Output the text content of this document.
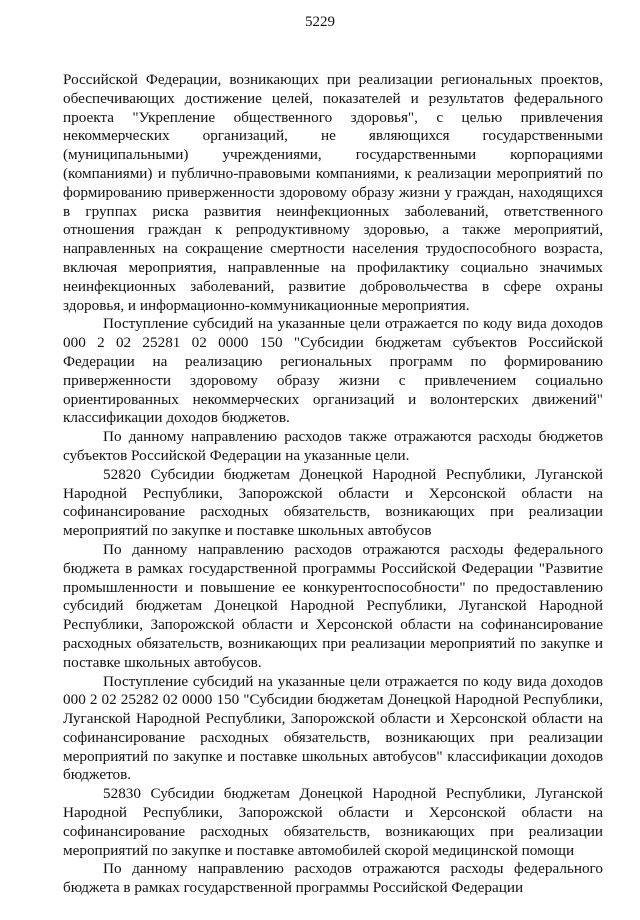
5229

Российской Федерации, возникающих при реализации региональных проектов, обеспечивающих достижение целей, показателей и результатов федерального проекта "Укрепление общественного здоровья", с целью привлечения некоммерческих организаций, не являющихся государственными (муниципальными) учреждениями, государственными корпорациями (компаниями) и публично-правовыми компаниями, к реализации мероприятий по формированию приверженности здоровому образу жизни у граждан, находящихся в группах риска развития неинфекционных заболеваний, ответственного отношения граждан к репродуктивному здоровью, а также мероприятий, направленных на сокращение смертности населения трудоспособного возраста, включая мероприятия, направленные на профилактику социально значимых неинфекционных заболеваний, развитие добровольчества в сфере охраны здоровья, и информационно-коммуникационные мероприятия.

Поступление субсидий на указанные цели отражается по коду вида доходов 000 2 02 25281 02 0000 150 "Субсидии бюджетам субъектов Российской Федерации на реализацию региональных программ по формированию приверженности здоровому образу жизни с привлечением социально ориентированных некоммерческих организаций и волонтерских движений" классификации доходов бюджетов.

По данному направлению расходов также отражаются расходы бюджетов субъектов Российской Федерации на указанные цели.

52820 Субсидии бюджетам Донецкой Народной Республики, Луганской Народной Республики, Запорожской области и Херсонской области на софинансирование расходных обязательств, возникающих при реализации мероприятий по закупке и поставке школьных автобусов

По данному направлению расходов отражаются расходы федерального бюджета в рамках государственной программы Российской Федерации "Развитие промышленности и повышение ее конкурентоспособности" по предоставлению субсидий бюджетам Донецкой Народной Республики, Луганской Народной Республики, Запорожской области и Херсонской области на софинансирование расходных обязательств, возникающих при реализации мероприятий по закупке и поставке школьных автобусов.

Поступление субсидий на указанные цели отражается по коду вида доходов 000 2 02 25282 02 0000 150 "Субсидии бюджетам Донецкой Народной Республики, Луганской Народной Республики, Запорожской области и Херсонской области на софинансирование расходных обязательств, возникающих при реализации мероприятий по закупке и поставке школьных автобусов" классификации доходов бюджетов.

52830 Субсидии бюджетам Донецкой Народной Республики, Луганской Народной Республики, Запорожской области и Херсонской области на софинансирование расходных обязательств, возникающих при реализации мероприятий по закупке и поставке автомобилей скорой медицинской помощи

По данному направлению расходов отражаются расходы федерального бюджета в рамках государственной программы Российской Федерации
